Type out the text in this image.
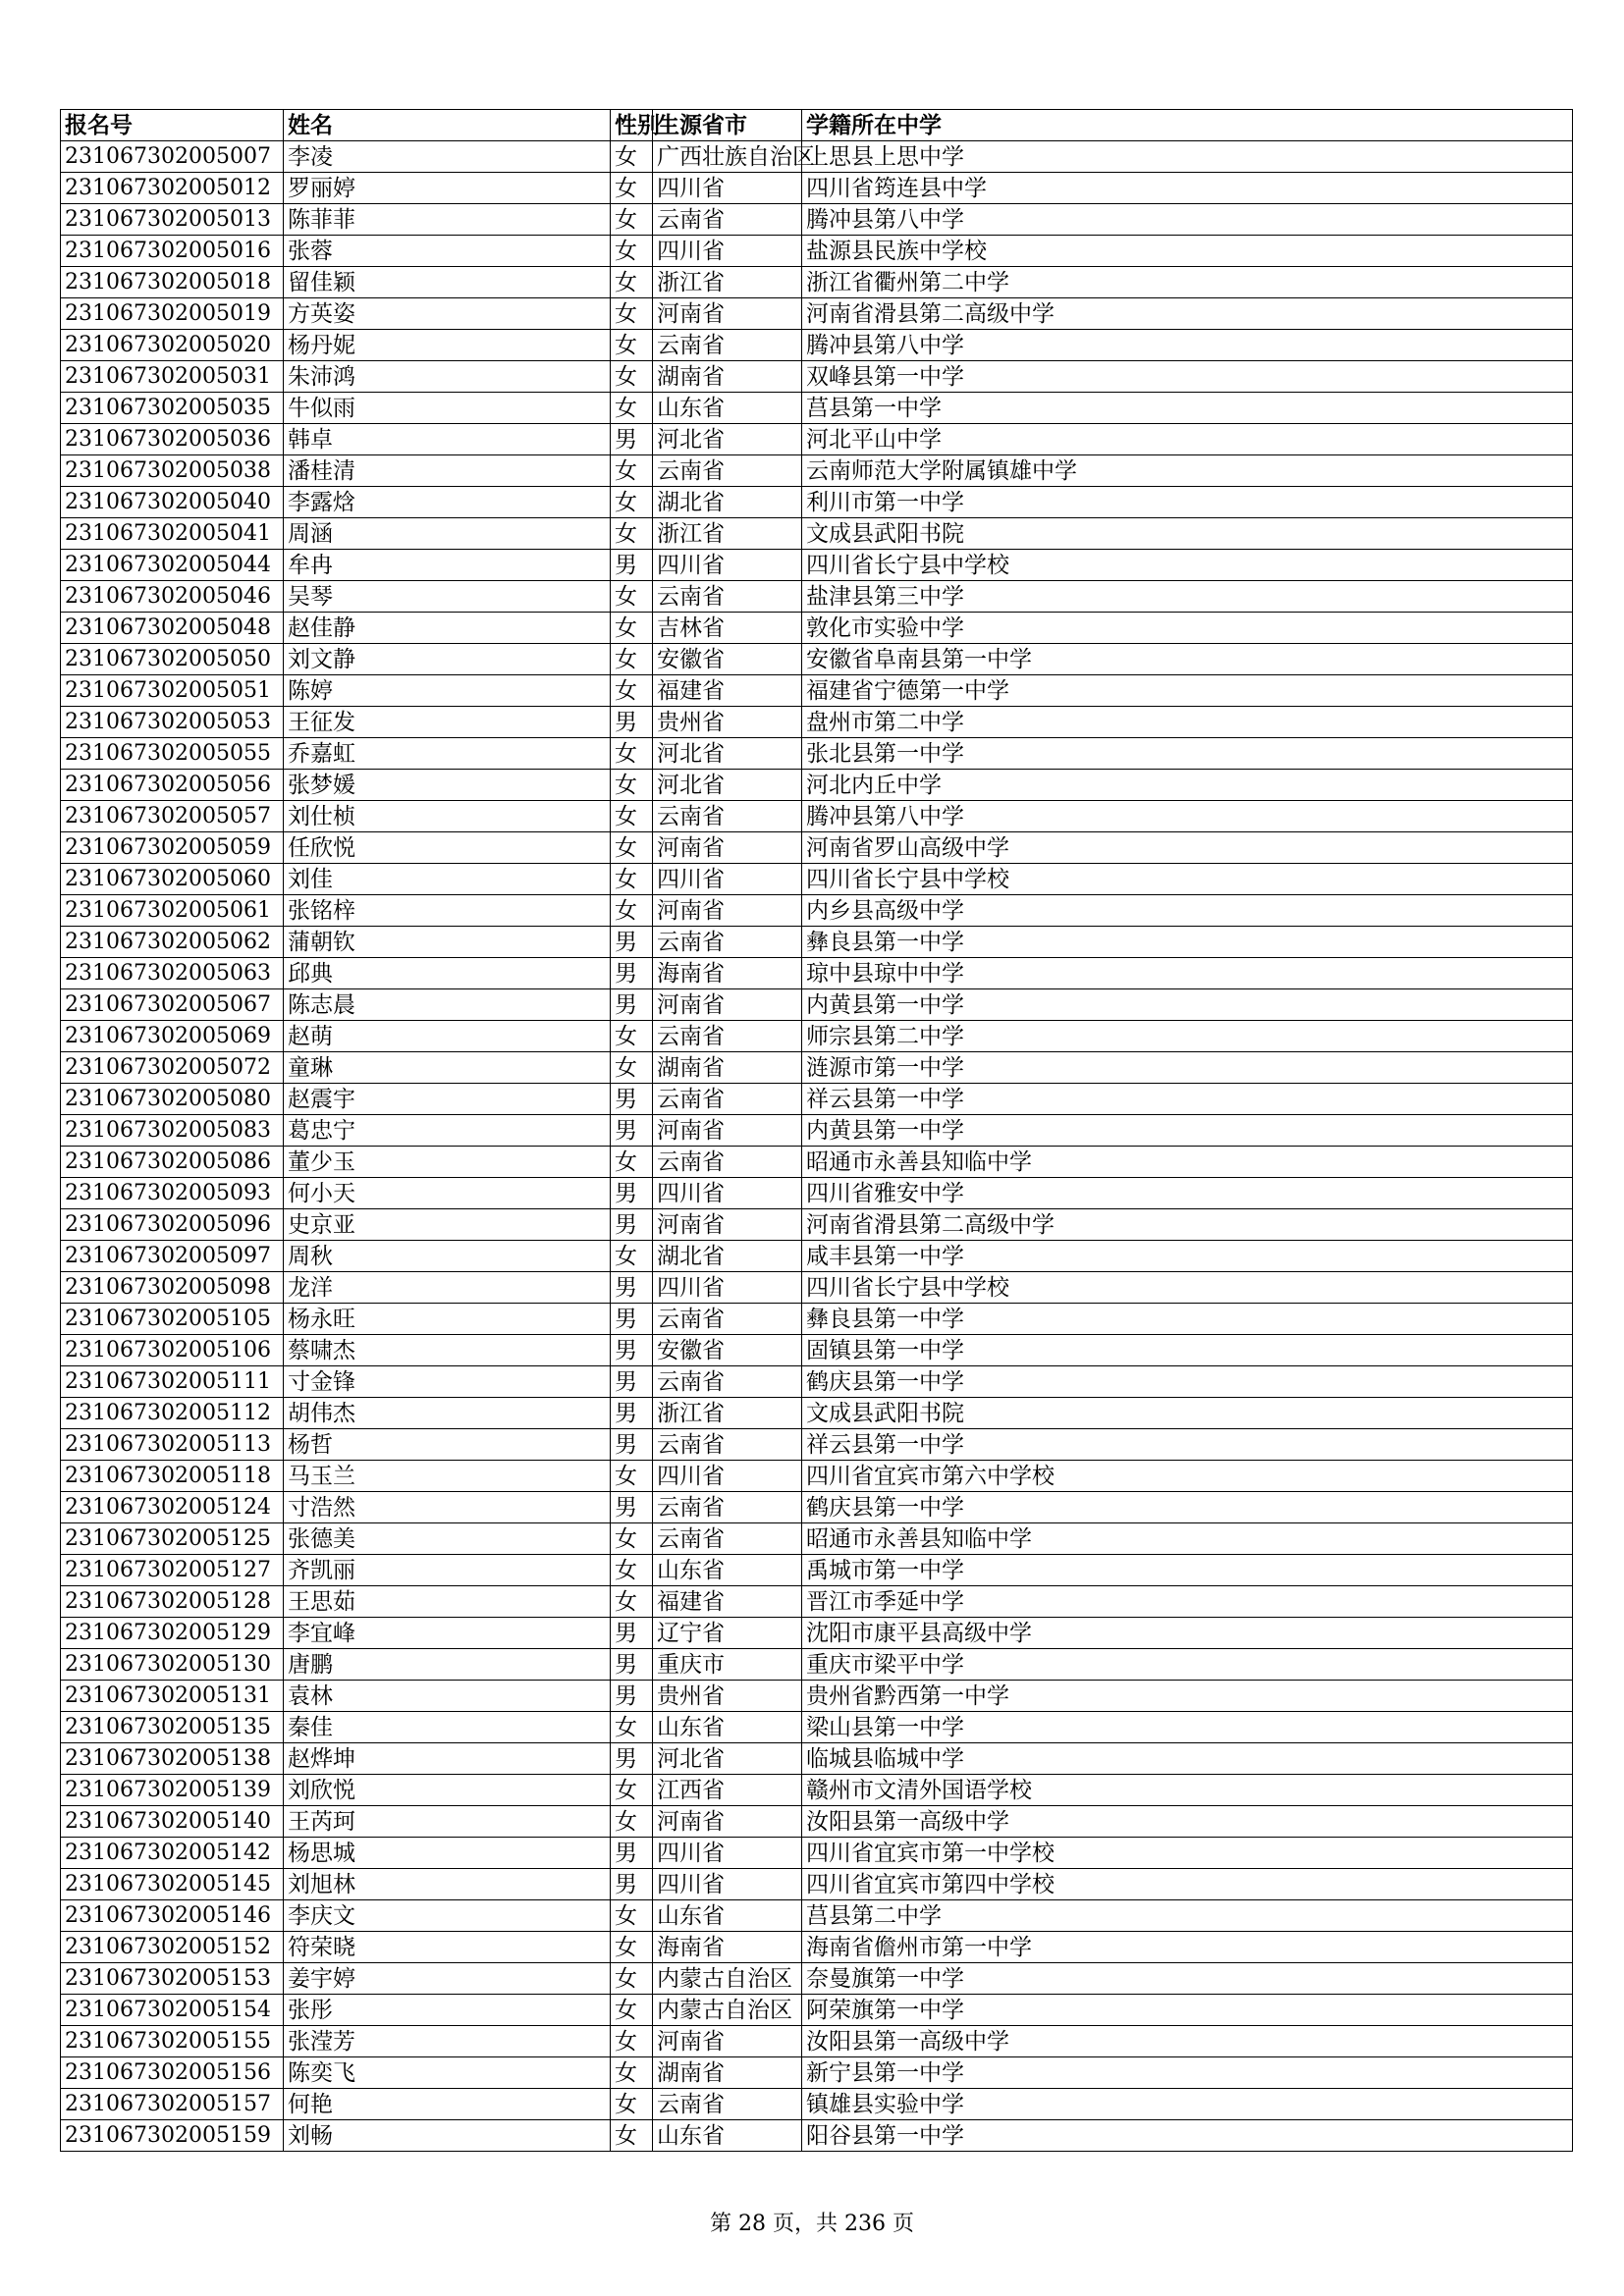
报名号	姓名	性别	生源省市	学籍所在中学
231067302005007	李凌	女	广西壮族自治区	上思县上思中学
231067302005012	罗丽婷	女	四川省	四川省筠连县中学
231067302005013	陈菲菲	女	云南省	腾冲县第八中学
231067302005016	张蓉	女	四川省	盐源县民族中学校
231067302005018	留佳颖	女	浙江省	浙江省衢州第二中学
231067302005019	方英姿	女	河南省	河南省滑县第二高级中学
231067302005020	杨丹妮	女	云南省	腾冲县第八中学
231067302005031	朱沛鸿	女	湖南省	双峰县第一中学
231067302005035	牛似雨	女	山东省	莒县第一中学
231067302005036	韩卓	男	河北省	河北平山中学
231067302005038	潘桂清	女	云南省	云南师范大学附属镇雄中学
231067302005040	李露焓	女	湖北省	利川市第一中学
231067302005041	周涵	女	浙江省	文成县武阳书院
231067302005044	牟冉	男	四川省	四川省长宁县中学校
231067302005046	吴琴	女	云南省	盐津县第三中学
231067302005048	赵佳静	女	吉林省	敦化市实验中学
231067302005050	刘文静	女	安徽省	安徽省阜南县第一中学
231067302005051	陈婷	女	福建省	福建省宁德第一中学
231067302005053	王征发	男	贵州省	盘州市第二中学
231067302005055	乔嘉虹	女	河北省	张北县第一中学
231067302005056	张梦媛	女	河北省	河北内丘中学
231067302005057	刘仕桢	女	云南省	腾冲县第八中学
231067302005059	任欣悦	女	河南省	河南省罗山高级中学
231067302005060	刘佳	女	四川省	四川省长宁县中学校
231067302005061	张铭梓	女	河南省	内乡县高级中学
231067302005062	蒲朝钦	男	云南省	彝良县第一中学
231067302005063	邱典	男	海南省	琼中县琼中中学
231067302005067	陈志晨	男	河南省	内黄县第一中学
231067302005069	赵萌	女	云南省	师宗县第二中学
231067302005072	童琳	女	湖南省	涟源市第一中学
231067302005080	赵震宇	男	云南省	祥云县第一中学
231067302005083	葛忠宁	男	河南省	内黄县第一中学
231067302005086	董少玉	女	云南省	昭通市永善县知临中学
231067302005093	何小天	男	四川省	四川省雅安中学
231067302005096	史京亚	男	河南省	河南省滑县第二高级中学
231067302005097	周秋	女	湖北省	咸丰县第一中学
231067302005098	龙洋	男	四川省	四川省长宁县中学校
231067302005105	杨永旺	男	云南省	彝良县第一中学
231067302005106	蔡啸杰	男	安徽省	固镇县第一中学
231067302005111	寸金锋	男	云南省	鹤庆县第一中学
231067302005112	胡伟杰	男	浙江省	文成县武阳书院
231067302005113	杨哲	男	云南省	祥云县第一中学
231067302005118	马玉兰	女	四川省	四川省宜宾市第六中学校
231067302005124	寸浩然	男	云南省	鹤庆县第一中学
231067302005125	张德美	女	云南省	昭通市永善县知临中学
231067302005127	齐凯丽	女	山东省	禹城市第一中学
231067302005128	王思茹	女	福建省	晋江市季延中学
231067302005129	李宜峰	男	辽宁省	沈阳市康平县高级中学
231067302005130	唐鹏	男	重庆市	重庆市梁平中学
231067302005131	袁林	男	贵州省	贵州省黔西第一中学
231067302005135	秦佳	女	山东省	梁山县第一中学
231067302005138	赵烨坤	男	河北省	临城县临城中学
231067302005139	刘欣悦	女	江西省	赣州市文清外国语学校
231067302005140	王芮珂	女	河南省	汝阳县第一高级中学
231067302005142	杨思城	男	四川省	四川省宜宾市第一中学校
231067302005145	刘旭林	男	四川省	四川省宜宾市第四中学校
231067302005146	李庆文	女	山东省	莒县第二中学
231067302005152	符荣晓	女	海南省	海南省儋州市第一中学
231067302005153	姜宇婷	女	内蒙古自治区	奈曼旗第一中学
231067302005154	张彤	女	内蒙古自治区	阿荣旗第一中学
231067302005155	张滢芳	女	河南省	汝阳县第一高级中学
231067302005156	陈奕飞	女	湖南省	新宁县第一中学
231067302005157	何艳	女	云南省	镇雄县实验中学
231067302005159	刘畅	女	山东省	阳谷县第一中学
第 28 页，共 236 页
